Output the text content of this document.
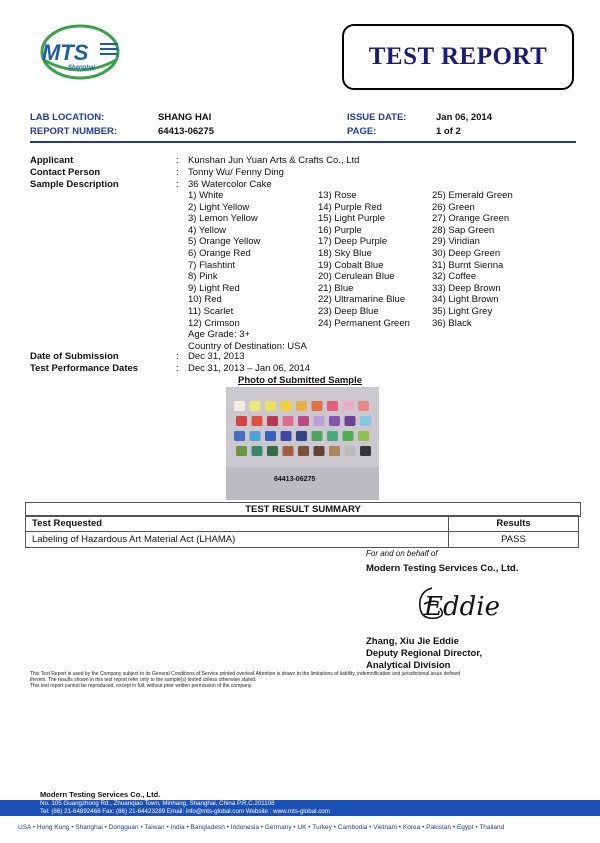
MTS
Shanghai	TEST REPORT
LAB LOCATION:	SHANG HAI
REPORT NUMBER:	64413-06275
ISSUE DATE:	Jan 06, 2014
PAGE:	1 of 2
Applicant	: Kunshan Jun Yuan Arts & Crafts Co., Ltd
Contact Person	: Tonny Wu/ Fenny Ding
Sample Description	: 36 Watercolor Cake
1) White
2) Light Yellow
3) Lemon Yellow
4) Yellow
5) Orange Yellow
6) Orange Red
7) Flashtint
8) Pink
9) Light Red
10) Red
11) Scarlet
12) Crimson
Age Grade: 3+
Country of Destination: USA
13) Rose
14) Purple Red
15) Light Purple
16) Purple
17) Deep Purple
18) Sky Blue
19) Cobalt Blue
20) Cerulean Blue
21) Blue
22) Ultramarine Blue
23) Deep Blue
24) Permanent Green
25) Emerald Green
26) Green
27) Orange Green
28) Sap Green
29) Viridian
30) Deep Green
31) Burnt Sienna
32) Coffee
33) Deep Brown
34) Light Brown
35) Light Grey
36) Black
Date of Submission	: Dec 31, 2013
Test Performance Dates	: Dec 31, 2013 – Jan 06, 2014
Photo of Submitted Sample
64413-06275
TEST RESULT SUMMARY
Test Requested	Results
Labeling of Hazardous Art Material Act (LHAMA)	PASS
For and on behalf of
Modern Testing Services Co., Ltd.
Eddie
Zhang, Xiu Jie Eddie
Deputy Regional Director,
Analytical Division
This Test Report is used by the Company subject to its General Conditions of Service printed overleaf.Attention is drawn to the limitations of liability, indemnification and jurisdictional issue defined
therein. The results shown in this test report refer only to the sample(s) tested unless otherwise stated.
This test report cannot be reproduced, except in full, without prior written permission of the company.
Modern Testing Services Co., Ltd.
No. 105 Guangzhong Rd., Zhuanqiao Town, Minhang, Shanghai, China P.R.C.201108
Tel: (86) 21-64892468 Fax: (86) 21-64423289 Email: info@mts-global.com Website : www.mts-global.com
USA • Hong Kong • Shanghai • Dongguan • Taiwan • India • Bangladesh • Indonesia • Germany • UK • Turkey • Cambodia • Vietnam • Korea • Pakistan • Egypt • Thailand
